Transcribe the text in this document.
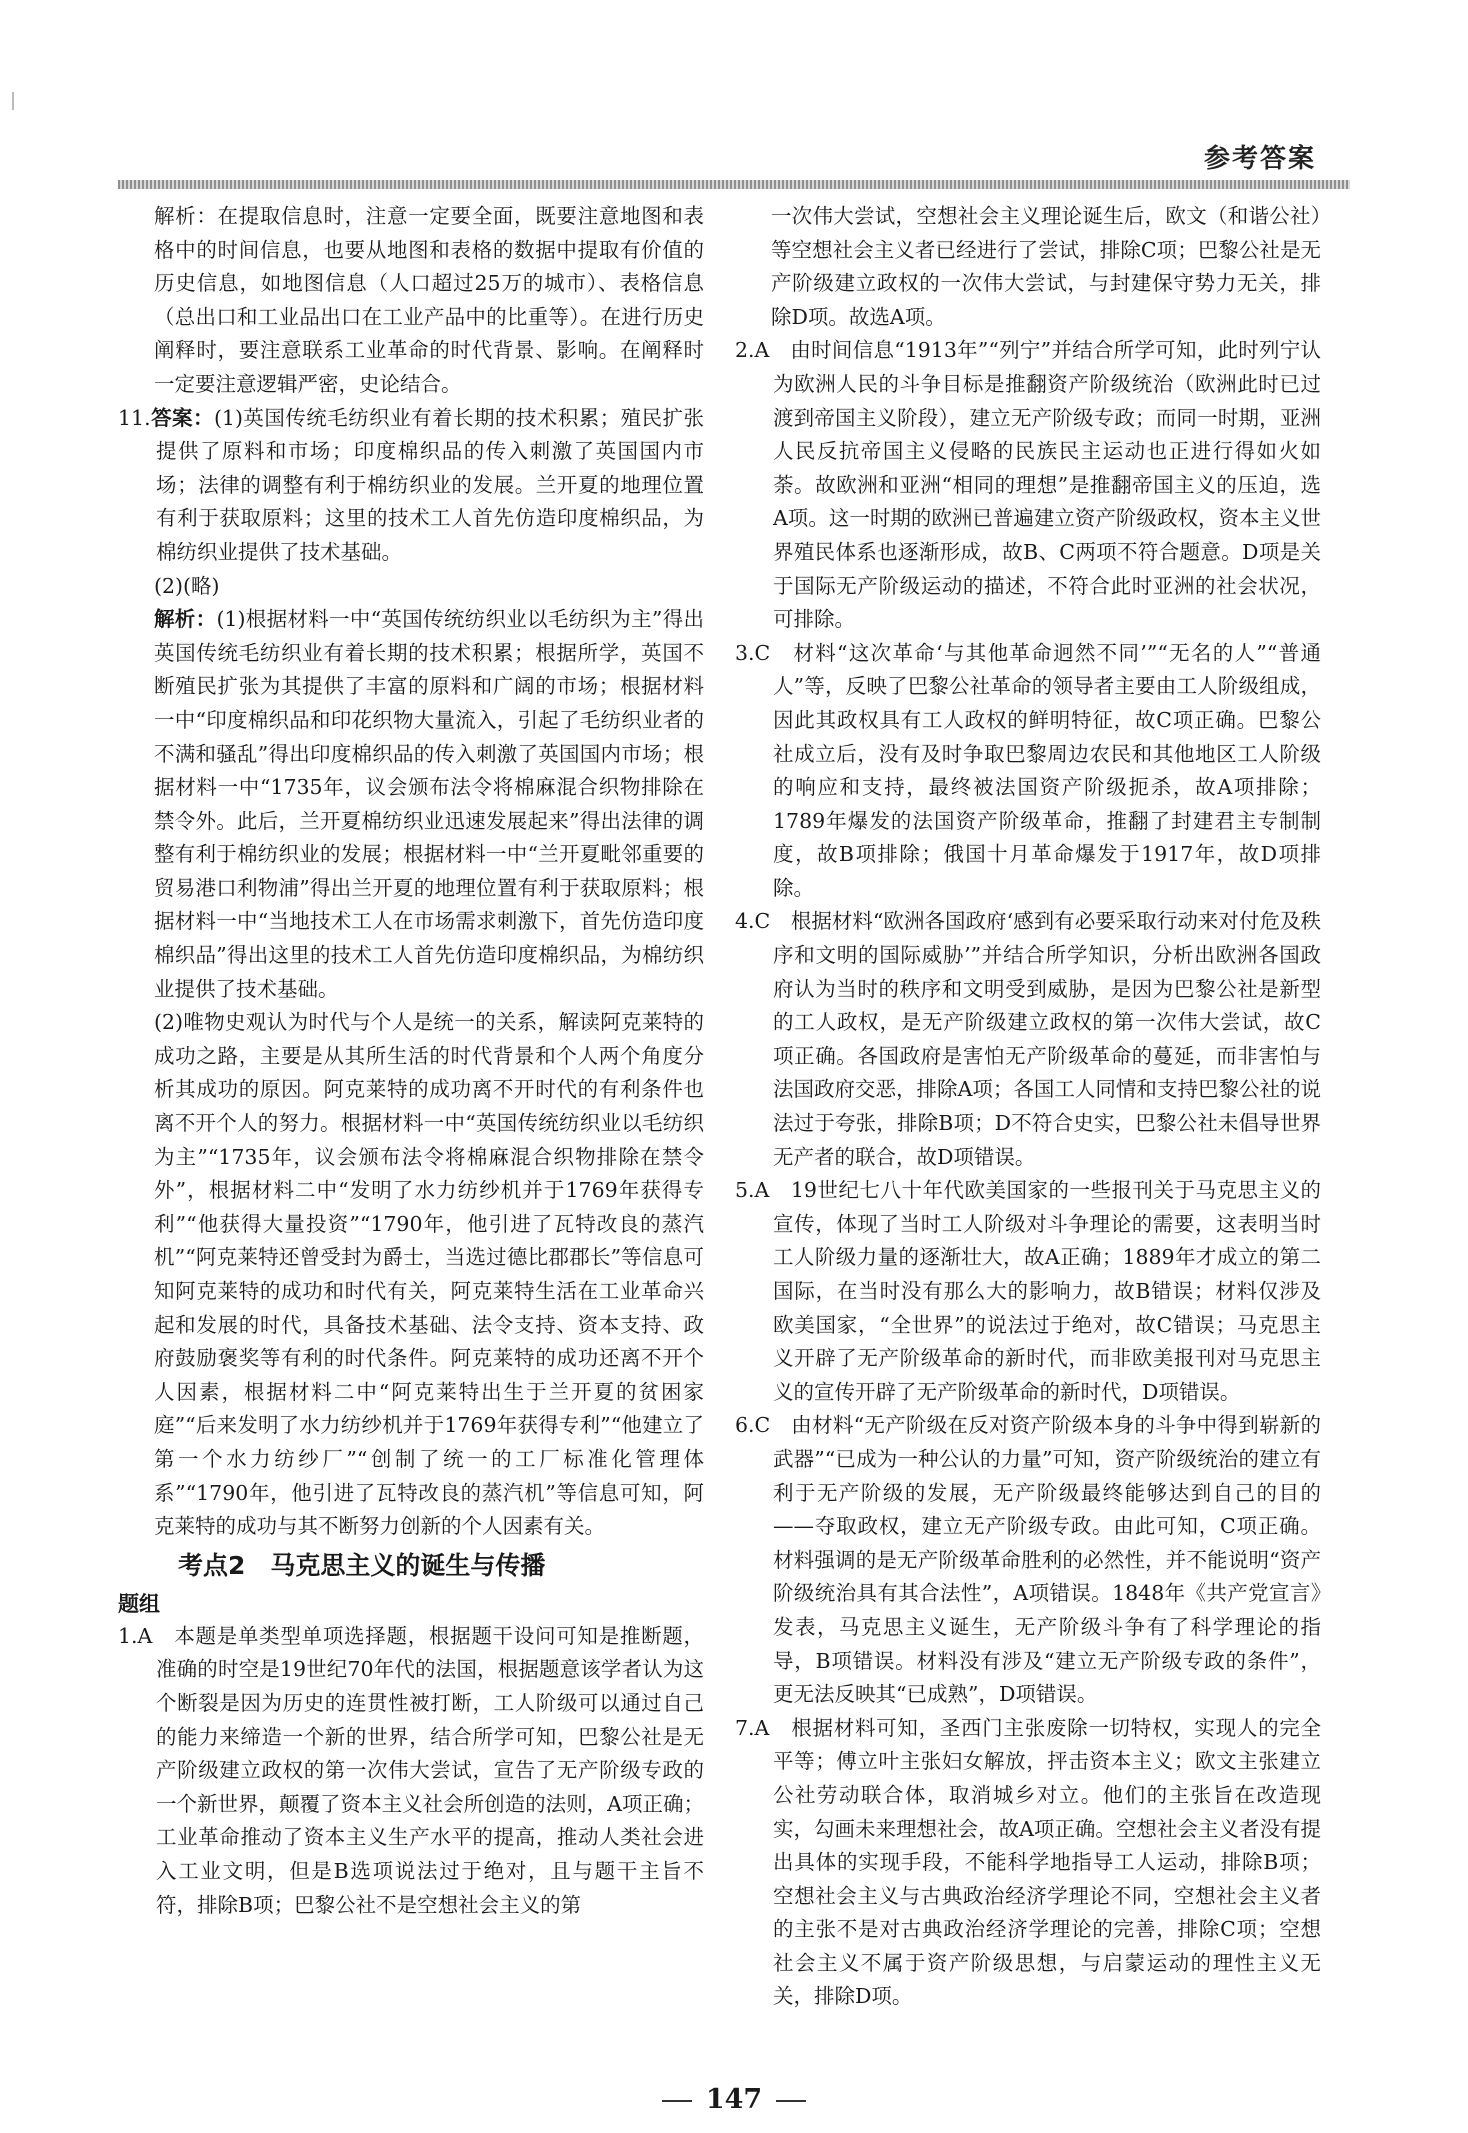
参考答案

解析：在提取信息时，注意一定要全面，既要注意地图和表格中的时间信息，也要从地图和表格的数据中提取有价值的历史信息，如地图信息（人口超过25万的城市）、表格信息（总出口和工业品出口在工业产品中的比重等）。在进行历史阐释时，要注意联系工业革命的时代背景、影响。在阐释时一定要注意逻辑严密，史论结合。

11.答案：(1)英国传统毛纺织业有着长期的技术积累；殖民扩张提供了原料和市场；印度棉织品的传入刺激了英国国内市场；法律的调整有利于棉纺织业的发展。兰开夏的地理位置有利于获取原料；这里的技术工人首先仿造印度棉织品，为棉纺织业提供了技术基础。

(2)(略)

解析：(1)根据材料一中“英国传统纺织业以毛纺织为主”得出英国传统毛纺织业有着长期的技术积累；根据所学，英国不断殖民扩张为其提供了丰富的原料和广阔的市场；根据材料一中“印度棉织品和印花织物大量流入，引起了毛纺织业者的不满和骚乱”得出印度棉织品的传入刺激了英国国内市场；根据材料一中“1735年，议会颁布法令将棉麻混合织物排除在禁令外。此后，兰开夏棉纺织业迅速发展起来”得出法律的调整有利于棉纺织业的发展；根据材料一中“兰开夏毗邻重要的贸易港口利物浦”得出兰开夏的地理位置有利于获取原料；根据材料一中“当地技术工人在市场需求刺激下，首先仿造印度棉织品”得出这里的技术工人首先仿造印度棉织品，为棉纺织业提供了技术基础。

(2)唯物史观认为时代与个人是统一的关系，解读阿克莱特的成功之路，主要是从其所生活的时代背景和个人两个角度分析其成功的原因。阿克莱特的成功离不开时代的有利条件也离不开个人的努力。根据材料一中“英国传统纺织业以毛纺织为主”“1735年，议会颁布法令将棉麻混合织物排除在禁令外”，根据材料二中“发明了水力纺纱机并于1769年获得专利”“他获得大量投资”“1790年，他引进了瓦特改良的蒸汽机”“阿克莱特还曾受封为爵士，当选过德比郡郡长”等信息可知阿克莱特的成功和时代有关，阿克莱特生活在工业革命兴起和发展的时代，具备技术基础、法令支持、资本支持、政府鼓励褒奖等有利的时代条件。阿克莱特的成功还离不开个人因素，根据材料二中“阿克莱特出生于兰开夏的贫困家庭”“后来发明了水力纺纱机并于1769年获得专利”“他建立了第一个水力纺纱厂”“创制了统一的工厂标准化管理体系”“1790年，他引进了瓦特改良的蒸汽机”等信息可知，阿克莱特的成功与其不断努力创新的个人因素有关。

考点2　马克思主义的诞生与传播

题组

1.A　 本题是单类型单项选择题，根据题干设问可知是推断题，准确的时空是19世纪70年代的法国，根据题意该学者认为这个断裂是因为历史的连贯性被打断，工人阶级可以通过自己的能力来缔造一个新的世界，结合所学可知，巴黎公社是无产阶级建立政权的第一次伟大尝试，宣告了无产阶级专政的一个新世界，颠覆了资本主义社会所创造的法则，A项正确；工业革命推动了资本主义生产水平的提高，推动人类社会进入工业文明，但是B选项说法过于绝对，且与题干主旨不符，排除B项；巴黎公社不是空想社会主义的第

一次伟大尝试，空想社会主义理论诞生后，欧文（和谐公社）等空想社会主义者已经进行了尝试，排除C项；巴黎公社是无产阶级建立政权的一次伟大尝试，与封建保守势力无关，排除D项。故选A项。

2.A　 由时间信息“1913年”“列宁”并结合所学可知，此时列宁认为欧洲人民的斗争目标是推翻资产阶级统治（欧洲此时已过渡到帝国主义阶段），建立无产阶级专政；而同一时期，亚洲人民反抗帝国主义侵略的民族民主运动也正进行得如火如荼。故欧洲和亚洲“相同的理想”是推翻帝国主义的压迫，选A项。这一时期的欧洲已普遍建立资产阶级政权，资本主义世界殖民体系也逐渐形成，故B、C两项不符合题意。D项是关于国际无产阶级运动的描述，不符合此时亚洲的社会状况，可排除。

3.C　 材料“这次革命‘与其他革命迥然不同’”“无名的人”“普通人”等，反映了巴黎公社革命的领导者主要由工人阶级组成，因此其政权具有工人政权的鲜明特征，故C项正确。巴黎公社成立后，没有及时争取巴黎周边农民和其他地区工人阶级的响应和支持，最终被法国资产阶级扼杀，故A项排除；1789年爆发的法国资产阶级革命，推翻了封建君主专制制度，故B项排除；俄国十月革命爆发于1917年，故D项排除。

4.C　 根据材料“欧洲各国政府‘感到有必要采取行动来对付危及秩序和文明的国际威胁’”并结合所学知识，分析出欧洲各国政府认为当时的秩序和文明受到威胁，是因为巴黎公社是新型的工人政权，是无产阶级建立政权的第一次伟大尝试，故C项正确。各国政府是害怕无产阶级革命的蔓延，而非害怕与法国政府交恶，排除A项；各国工人同情和支持巴黎公社的说法过于夸张，排除B项；D不符合史实，巴黎公社未倡导世界无产者的联合，故D项错误。

5.A　 19世纪七八十年代欧美国家的一些报刊关于马克思主义的宣传，体现了当时工人阶级对斗争理论的需要，这表明当时工人阶级力量的逐渐壮大，故A正确；1889年才成立的第二国际，在当时没有那么大的影响力，故B错误；材料仅涉及欧美国家，“全世界”的说法过于绝对，故C错误；马克思主义开辟了无产阶级革命的新时代，而非欧美报刊对马克思主义的宣传开辟了无产阶级革命的新时代，D项错误。

6.C　 由材料“无产阶级在反对资产阶级本身的斗争中得到崭新的武器”“已成为一种公认的力量”可知，资产阶级统治的建立有利于无产阶级的发展，无产阶级最终能够达到自己的目的——夺取政权，建立无产阶级专政。由此可知，C项正确。材料强调的是无产阶级革命胜利的必然性，并不能说明“资产阶级统治具有其合法性”，A项错误。1848年《共产党宣言》发表，马克思主义诞生，无产阶级斗争有了科学理论的指导，B项错误。材料没有涉及“建立无产阶级专政的条件”，更无法反映其“已成熟”，D项错误。

7.A　 根据材料可知，圣西门主张废除一切特权，实现人的完全平等；傅立叶主张妇女解放，抨击资本主义；欧文主张建立公社劳动联合体，取消城乡对立。他们的主张旨在改造现实，勾画未来理想社会，故A项正确。空想社会主义者没有提出具体的实现手段，不能科学地指导工人运动，排除B项；空想社会主义与古典政治经济学理论不同，空想社会主义者的主张不是对古典政治经济学理论的完善，排除C项；空想社会主义不属于资产阶级思想，与启蒙运动的理性主义无关，排除D项。

147
